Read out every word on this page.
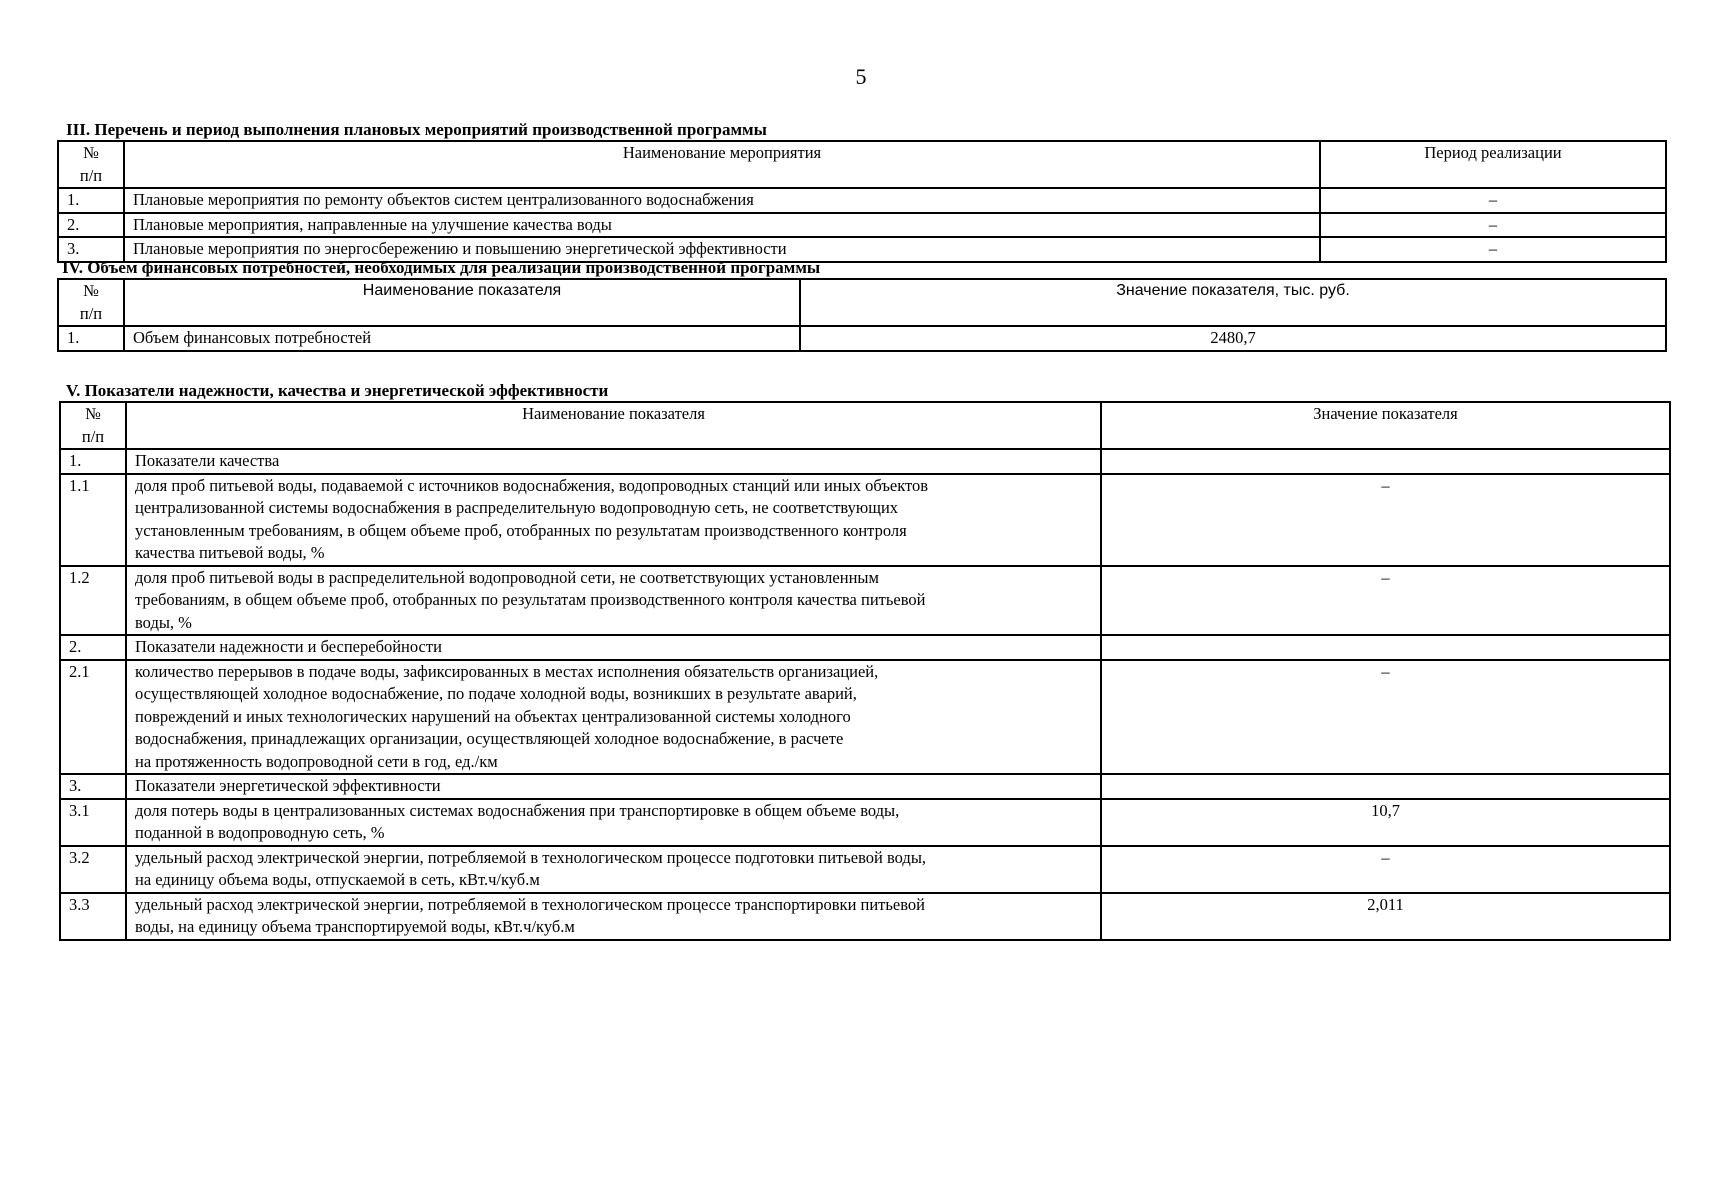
5
III. Перечень и период выполнения плановых мероприятий производственной программы
№
п/п	Наименование мероприятия	Период реализации
1.	Плановые мероприятия по ремонту объектов систем централизованного водоснабжения	–
2.	Плановые мероприятия, направленные на улучшение качества воды	–
3.	Плановые мероприятия по энергосбережению и повышению энергетической эффективности	–
IV. Объем финансовых потребностей, необходимых для реализации производственной программы
№
п/п	Наименование показателя	Значение показателя, тыс. руб.
1.	Объем финансовых потребностей	2480,7
V. Показатели надежности, качества и энергетической эффективности
№
п/п	Наименование показателя	Значение показателя
1.	Показатели качества	
1.1	доля проб питьевой воды, подаваемой с источников водоснабжения, водопроводных станций или иных объектов
централизованной системы водоснабжения в распределительную водопроводную сеть, не соответствующих
установленным требованиям, в общем объеме проб, отобранных по результатам производственного контроля
качества питьевой воды, %	–
1.2	доля проб питьевой воды в распределительной водопроводной сети, не соответствующих установленным
требованиям, в общем объеме проб, отобранных по результатам производственного контроля качества питьевой
воды, %	–
2.	Показатели надежности и бесперебойности	
2.1	количество перерывов в подаче воды, зафиксированных в местах исполнения обязательств организацией,
осуществляющей холодное водоснабжение, по подаче холодной воды, возникших в результате аварий,
повреждений и иных технологических нарушений на объектах централизованной системы холодного
водоснабжения, принадлежащих организации, осуществляющей холодное водоснабжение, в расчете
на протяженность водопроводной сети в год, ед./км	–
3.	Показатели энергетической эффективности	
3.1	доля потерь воды в централизованных системах водоснабжения при транспортировке в общем объеме воды,
поданной в водопроводную сеть, %	10,7
3.2	удельный расход электрической энергии, потребляемой в технологическом процессе подготовки питьевой воды,
на единицу объема воды, отпускаемой в сеть, кВт.ч/куб.м	–
3.3	удельный расход электрической энергии, потребляемой в технологическом процессе транспортировки питьевой
воды, на единицу объема транспортируемой воды, кВт.ч/куб.м	2,011
